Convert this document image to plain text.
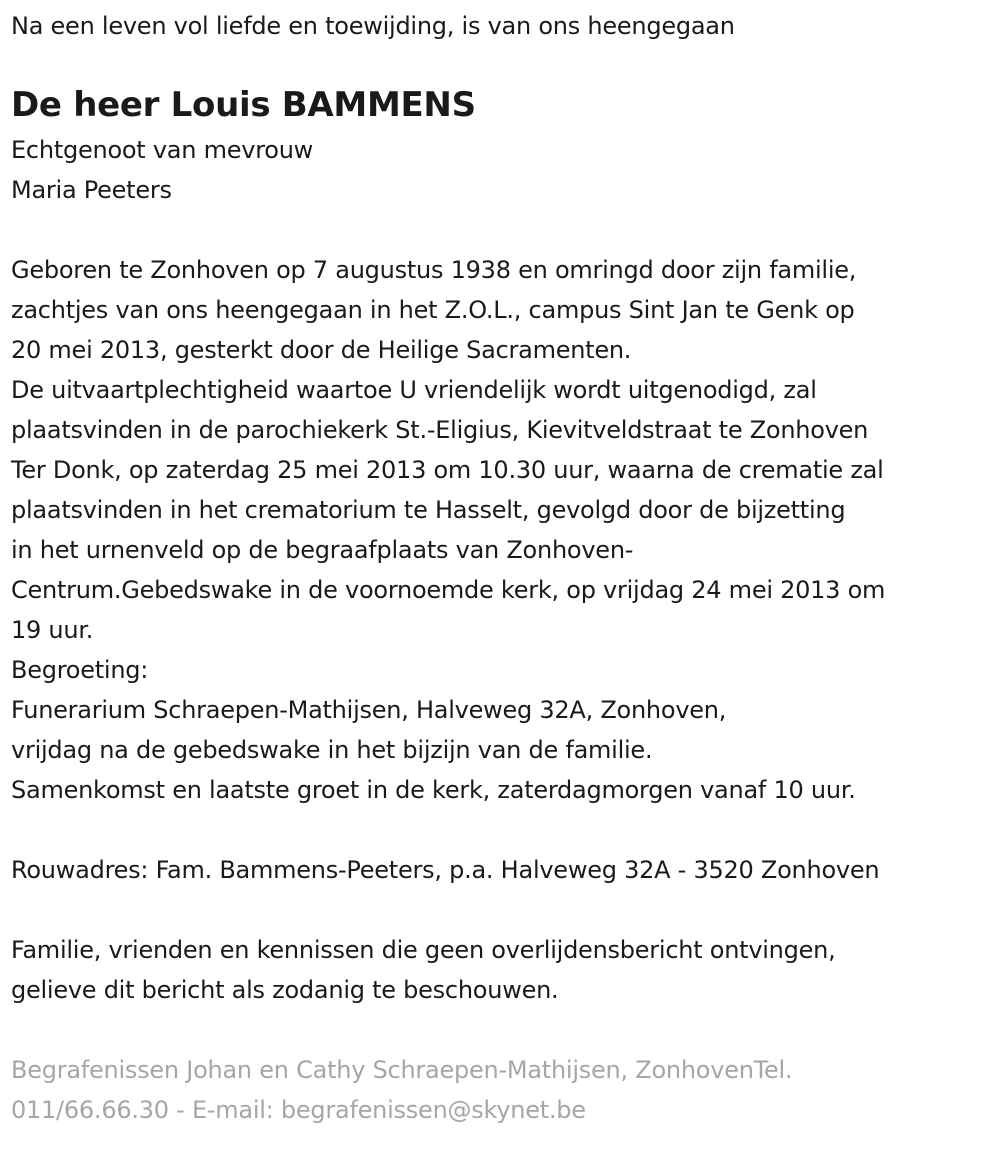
Na een leven vol liefde en toewijding, is van ons heengegaan
De heer Louis BAMMENS
Echtgenoot van mevrouw
Maria Peeters
Geboren te Zonhoven op 7 augustus 1938 en omringd door zijn familie,
zachtjes van ons heengegaan in het Z.O.L., campus Sint Jan te Genk op
20 mei 2013, gesterkt door de Heilige Sacramenten.
De uitvaartplechtigheid waartoe U vriendelijk wordt uitgenodigd, zal
plaatsvinden in de parochiekerk St.-Eligius, Kievitveldstraat te Zonhoven
Ter Donk, op zaterdag 25 mei 2013 om 10.30 uur, waarna de crematie zal
plaatsvinden in het crematorium te Hasselt, gevolgd door de bijzetting
in het urnenveld op de begraafplaats van Zonhoven-
Centrum.Gebedswake in de voornoemde kerk, op vrijdag 24 mei 2013 om
19 uur.
Begroeting:
Funerarium Schraepen-Mathijsen, Halveweg 32A, Zonhoven,
vrijdag na de gebedswake in het bijzijn van de familie.
Samenkomst en laatste groet in de kerk, zaterdagmorgen vanaf 10 uur.
Rouwadres: Fam. Bammens-Peeters, p.a. Halveweg 32A - 3520 Zonhoven
Familie, vrienden en kennissen die geen overlijdensbericht ontvingen,
gelieve dit bericht als zodanig te beschouwen.
Begrafenissen Johan en Cathy Schraepen-Mathijsen, ZonhovenTel.
011/66.66.30 - E-mail: begrafenissen@skynet.be
